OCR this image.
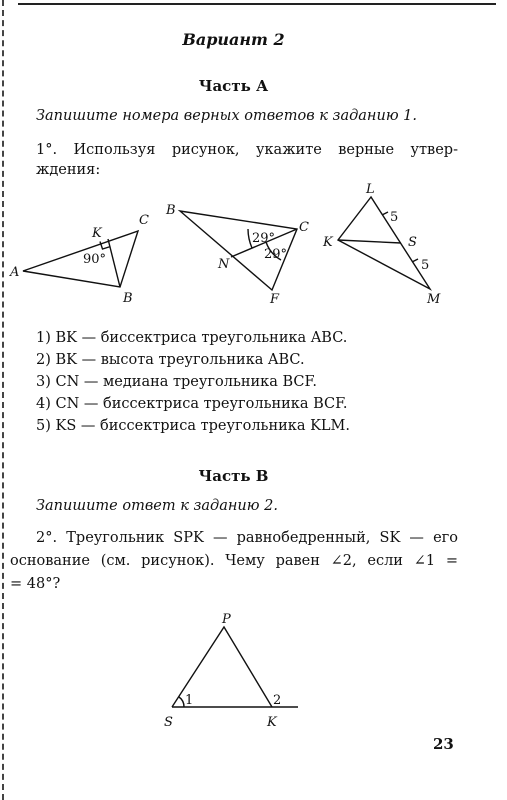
Вариант 2

Часть А

Запишите номера верных ответов к заданию 1.

1°. Используя рисунок, укажите верные утвер-

ждения:

A
K
C
B
90°
B
C
N
F
29°
29°
L
K	S
M
5
5
1) BK — биссектриса треугольника ABC.
2) BK — высота треугольника ABC.
3) CN — медиана треугольника BCF.
4) CN — биссектриса треугольника BCF.
5) KS — биссектриса треугольника KLM.

Часть В

Запишите ответ к заданию 2.

2°. Треугольник SPK — равнобедренный, SK — его

основание (см. рисунок). Чему равен ∠2, если ∠1 =

= 48°?

P
S	K
1	2

23
